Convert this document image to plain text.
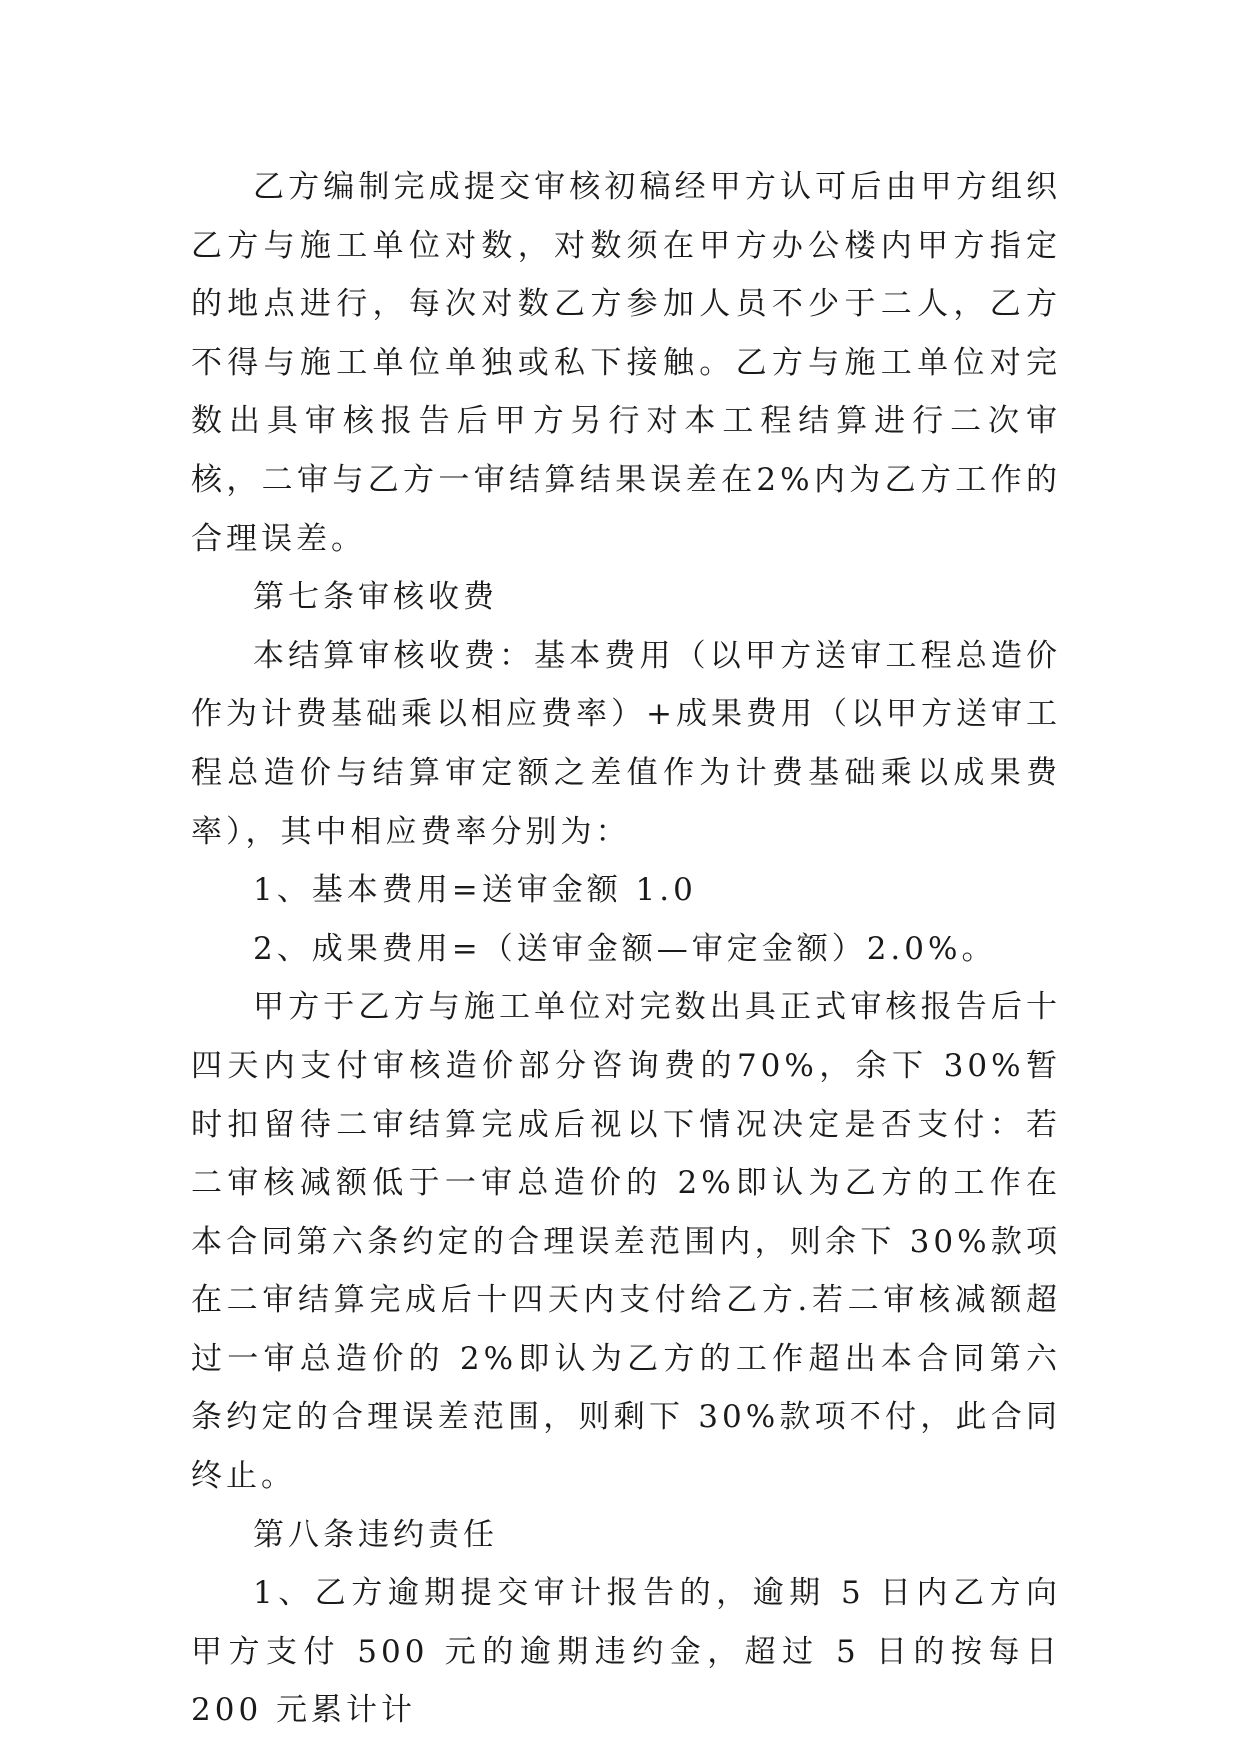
乙方编制完成提交审核初稿经甲方认可后由甲方组织乙方与施工单位对数，对数须在甲方办公楼内甲方指定的地点进行，每次对数乙方参加人员不少于二人，乙方不得与施工单位单独或私下接触。乙方与施工单位对完数出具审核报告后甲方另行对本工程结算进行二次审核，二审与乙方一审结算结果误差在2%内为乙方工作的合理误差。

第七条审核收费

本结算审核收费：基本费用（以甲方送审工程总造价作为计费基础乘以相应费率）+成果费用（以甲方送审工程总造价与结算审定额之差值作为计费基础乘以成果费率），其中相应费率分别为：

1、基本费用=送审金额 1.0

2、成果费用=（送审金额—审定金额）2.0%。

甲方于乙方与施工单位对完数出具正式审核报告后十四天内支付审核造价部分咨询费的70%，余下 30%暂时扣留待二审结算完成后视以下情况决定是否支付：若二审核减额低于一审总造价的 2%即认为乙方的工作在本合同第六条约定的合理误差范围内，则余下 30%款项在二审结算完成后十四天内支付给乙方.若二审核减额超过一审总造价的 2%即认为乙方的工作超出本合同第六条约定的合理误差范围，则剩下 30%款项不付，此合同终止。

第八条违约责任

1、乙方逾期提交审计报告的，逾期 5 日内乙方向甲方支付 500 元的逾期违约金，超过 5 日的按每日 200 元累计计
